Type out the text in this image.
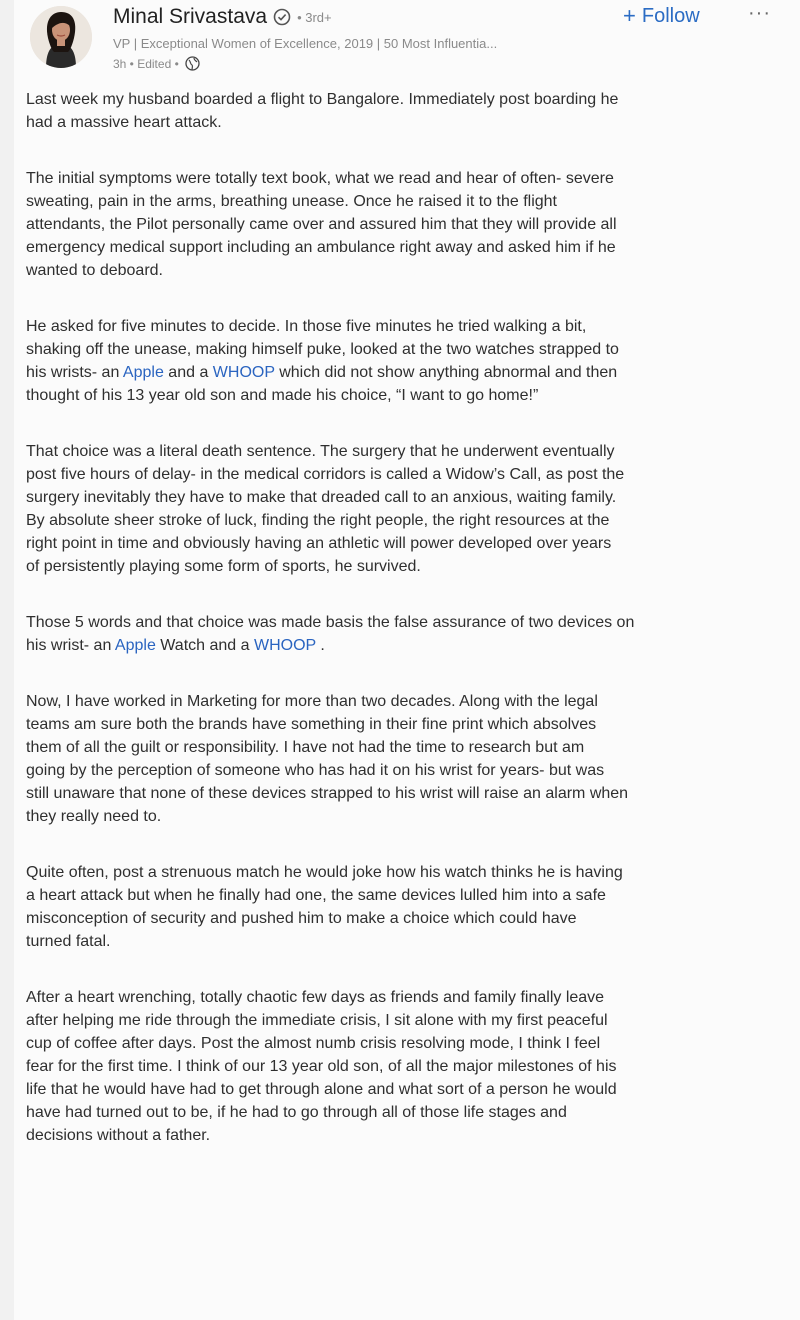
Minal Srivastava • 3rd+
VP | Exceptional Women of Excellence, 2019 | 50 Most Influentia...
3h • Edited •
+ Follow ···

Last week my husband boarded a flight to Bangalore. Immediately post boarding he
had a massive heart attack.

The initial symptoms were totally text book, what we read and hear of often- severe
sweating, pain in the arms, breathing unease. Once he raised it to the flight
attendants, the Pilot personally came over and assured him that they will provide all
emergency medical support including an ambulance right away and asked him if he
wanted to deboard.

He asked for five minutes to decide. In those five minutes he tried walking a bit,
shaking off the unease, making himself puke, looked at the two watches strapped to
his wrists- an Apple and a WHOOP which did not show anything abnormal and then
thought of his 13 year old son and made his choice, “I want to go home!”

That choice was a literal death sentence. The surgery that he underwent eventually
post five hours of delay- in the medical corridors is called a Widow’s Call, as post the
surgery inevitably they have to make that dreaded call to an anxious, waiting family.
By absolute sheer stroke of luck, finding the right people, the right resources at the
right point in time and obviously having an athletic will power developed over years
of persistently playing some form of sports, he survived.

Those 5 words and that choice was made basis the false assurance of two devices on
his wrist- an Apple Watch and a WHOOP .

Now, I have worked in Marketing for more than two decades. Along with the legal
teams am sure both the brands have something in their fine print which absolves
them of all the guilt or responsibility. I have not had the time to research but am
going by the perception of someone who has had it on his wrist for years- but was
still unaware that none of these devices strapped to his wrist will raise an alarm when
they really need to.

Quite often, post a strenuous match he would joke how his watch thinks he is having
a heart attack but when he finally had one, the same devices lulled him into a safe
misconception of security and pushed him to make a choice which could have
turned fatal.

After a heart wrenching, totally chaotic few days as friends and family finally leave
after helping me ride through the immediate crisis, I sit alone with my first peaceful
cup of coffee after days. Post the almost numb crisis resolving mode, I think I feel
fear for the first time. I think of our 13 year old son, of all the major milestones of his
life that he would have had to get through alone and what sort of a person he would
have had turned out to be, if he had to go through all of those life stages and
decisions without a father.
